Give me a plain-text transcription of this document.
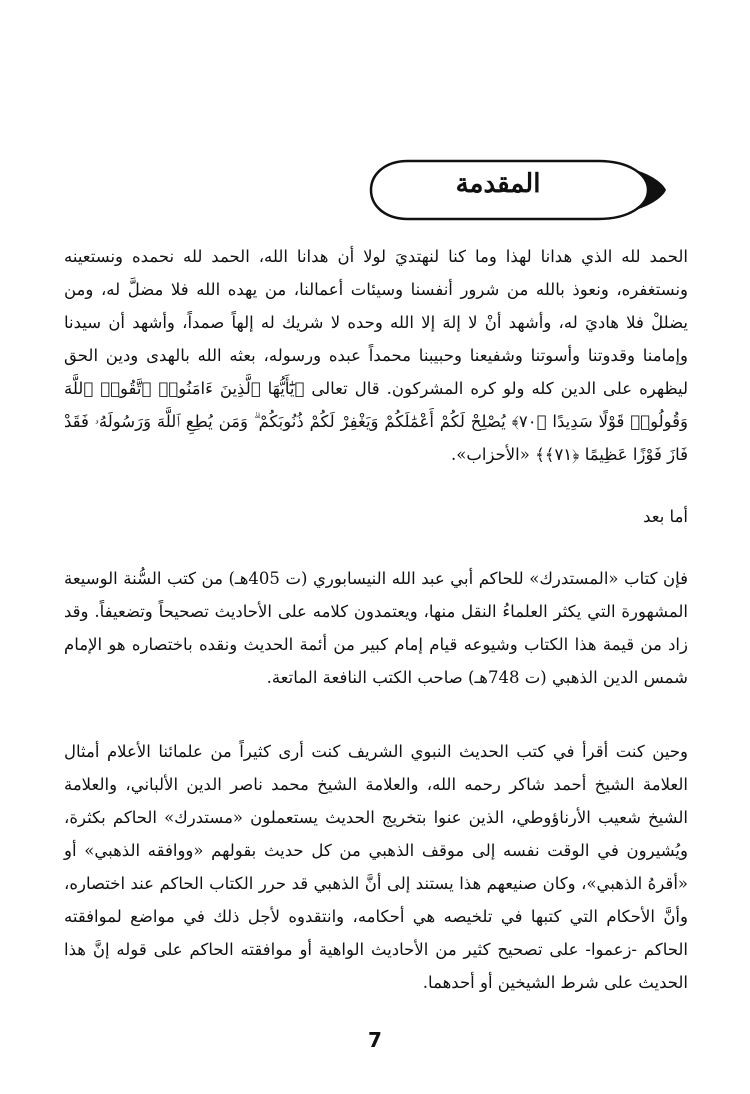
المقدمة
الحمد لله الذي هدانا لهذا وما كنا لنهتديَ لولا أن هدانا الله، الحمد لله نحمده ونستعينه ونستغفره، ونعوذ بالله من شرور أنفسنا وسيئات أعمالنا، من يهده الله فلا مضلَّ له، ومن يضللْ فلا هاديَ له، وأشهد أنْ لا إلهَ إلا الله وحده لا شريك له إلهاً صمداً، وأشهد أن سيدنا وإمامنا وقدوتنا وأسوتنا وشفيعنا وحبيبنا محمداً عبده ورسوله، بعثه الله بالهدى ودين الحق ليظهره على الدين كله ولو كره المشركون. قال تعالى ﴿يَٰٓأَيُّهَا ٱلَّذِينَ ءَامَنُوا۟ ٱتَّقُوا۟ ٱللَّهَ وَقُولُوا۟ قَوْلًا سَدِيدًا ﴿٧٠﴾ يُصْلِحْ لَكُمْ أَعْمَٰلَكُمْ وَيَغْفِرْ لَكُمْ ذُنُوبَكُمْ ۗ وَمَن يُطِعِ ٱللَّهَ وَرَسُولَهُۥ فَقَدْ فَازَ فَوْزًا عَظِيمًا ﴿٧١﴾﴾ «الأحزاب».
أما بعد
فإن كتاب «المستدرك» للحاكم أبي عبد الله النيسابوري (ت 405هـ) من كتب السُّنة الوسيعة المشهورة التي يكثر العلماءُ النقل منها، ويعتمدون كلامه على الأحاديث تصحيحاً وتضعيفاً. وقد زاد من قيمة هذا الكتاب وشيوعه قيام إمام كبير من أئمة الحديث ونقده باختصاره هو الإمام شمس الدين الذهبي (ت 748هـ) صاحب الكتب النافعة الماتعة.
وحين كنت أقرأ في كتب الحديث النبوي الشريف كنت أرى كثيراً من علمائنا الأعلام أمثال العلامة الشيخ أحمد شاكر رحمه الله، والعلامة الشيخ محمد ناصر الدين الألباني، والعلامة الشيخ شعيب الأرناؤوطي، الذين عنوا بتخريج الحديث يستعملون «مستدرك» الحاكم بكثرة، ويُشيرون في الوقت نفسه إلى موقف الذهبي من كل حديث بقولهم «ووافقه الذهبي» أو «أقرهُ الذهبي»، وكان صنيعهم هذا يستند إلى أنَّ الذهبي قد حرر الكتاب الحاكم عند اختصاره، وأنَّ الأحكام التي كتبها في تلخيصه هي أحكامه، وانتقدوه لأجل ذلك في مواضع لموافقته الحاكم -زعموا- على تصحيح كثير من الأحاديث الواهية أو موافقته الحاكم على قوله إنَّ هذا الحديث على شرط الشيخين أو أحدهما.
7
